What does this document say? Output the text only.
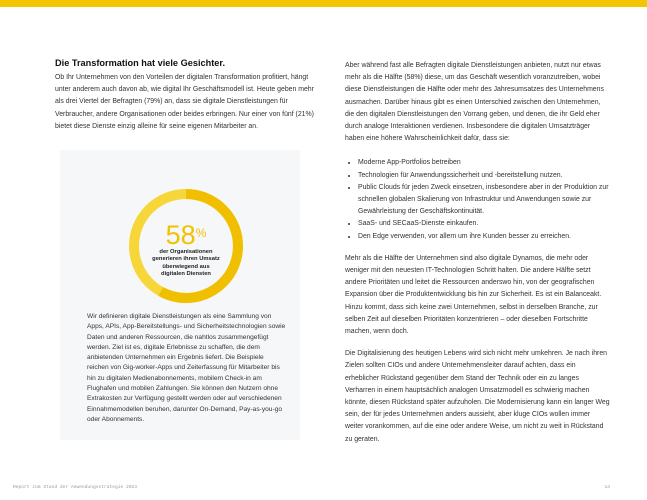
Die Transformation hat viele Gesichter.

Ob Ihr Unternehmen von den Vorteilen der digitalen Transformation profitiert, hängt unter anderem auch davon ab, wie digital Ihr Geschäftsmodell ist. Heute geben mehr als drei Viertel der Befragten (79%) an, dass sie digitale Dienstleistungen für Verbraucher, andere Organisationen oder beides erbringen. Nur einer von fünf (21%) bietet diese Dienste einzig alleine für seine eigenen Mitarbeiter an.

58%
der Organisationen generieren ihren Umsatz überwiegend aus digitalen Diensten
Wir definieren digitale Dienstleistungen als eine Sammlung von Apps, APIs, App-Bereitstellungs- und Sicherheitstechnologien sowie Daten und anderen Ressourcen, die nahtlos zusammengefügt werden. Ziel ist es, digitale Erlebnisse zu schaffen, die dem anbietenden Unternehmen ein Ergebnis liefert. Die Beispiele reichen von Gig-worker-Apps und Zeiterfassung für Mitarbeiter bis hin zu digitalen Medienabonnements, mobilem Check-in am Flughafen und mobilen Zahlungen. Sie können den Nutzern ohne Extrakosten zur Verfügung gestellt werden oder auf verschiedenen Einnahmemodellen beruhen, darunter On-Demand, Pay-as-you-go oder Abonnements.

Aber während fast alle Befragten digitale Dienstleistungen anbieten, nutzt nur etwas mehr als die Hälfte (58%) diese, um das Geschäft wesentlich voranzutreiben, wobei diese Dienstleistungen die Hälfte oder mehr des Jahresumsatzes des Unternehmens ausmachen. Darüber hinaus gibt es einen Unterschied zwischen den Unternehmen, die den digitalen Dienstleistungen den Vorrang geben, und denen, die ihr Geld eher durch analoge Interaktionen verdienen. Insbesondere die digitalen Umsatzträger haben eine höhere Wahrscheinlichkeit dafür, dass sie:

• Moderne App-Portfolios betreiben
• Technologien für Anwendungssicherheit und -bereitstellung nutzen.
• Public Clouds für jeden Zweck einsetzen, insbesondere aber in der Produktion zur schnellen globalen Skalierung von Infrastruktur und Anwendungen sowie zur Gewährleistung der Geschäftskontinuität.
• SaaS- und SECaaS-Dienste einkaufen.
• Den Edge verwenden, vor allem um ihre Kunden besser zu erreichen.

Mehr als die Hälfte der Unternehmen sind also digitale Dynamos, die mehr oder weniger mit den neuesten IT-Technologien Schritt halten. Die andere Hälfte setzt andere Prioritäten und leitet die Ressourcen anderswo hin, von der geografischen Expansion über die Produktentwicklung bis hin zur Sicherheit. Es ist ein Balanceakt. Hinzu kommt, dass sich keine zwei Unternehmen, selbst in derselben Branche, zur selben Zeit auf dieselben Prioritäten konzentrieren – oder dieselben Fortschritte machen, wenn doch.

Die Digitalisierung des heutigen Lebens wird sich nicht mehr umkehren. Je nach ihren Zielen sollten CIOs und andere Unternehmensleiter darauf achten, dass ein erheblicher Rückstand gegenüber dem Stand der Technik oder ein zu langes Verharren in einem hauptsächlich analogen Umsatzmodell es schwierig machen könnte, diesen Rückstand später aufzuholen. Die Modernisierung kann ein langer Weg sein, der für jedes Unternehmen anders aussieht, aber kluge CIOs wollen immer weiter vorankommen, auf die eine oder andere Weise, um nicht zu weit in Rückstand zu geraten.

Report zum Stand der Anwendungsstrategie 2023	14
